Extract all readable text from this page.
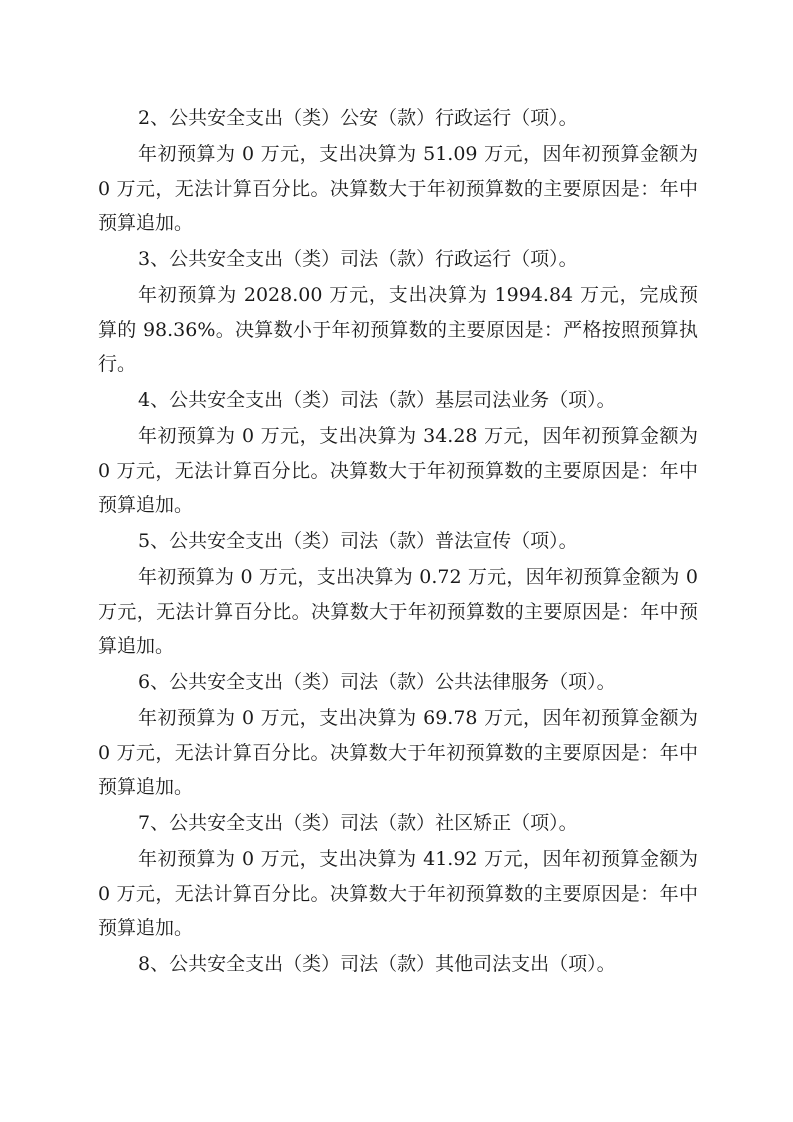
2、公共安全支出（类）公安（款）行政运行（项）。

年初预算为 0 万元，支出决算为 51.09 万元，因年初预算金额为 0 万元，无法计算百分比。决算数大于年初预算数的主要原因是：年中预算追加。

3、公共安全支出（类）司法（款）行政运行（项）。

年初预算为 2028.00 万元，支出决算为 1994.84 万元，完成预算的 98.36%。决算数小于年初预算数的主要原因是：严格按照预算执行。

4、公共安全支出（类）司法（款）基层司法业务（项）。

年初预算为 0 万元，支出决算为 34.28 万元，因年初预算金额为 0 万元，无法计算百分比。决算数大于年初预算数的主要原因是：年中预算追加。

5、公共安全支出（类）司法（款）普法宣传（项）。

年初预算为 0 万元，支出决算为 0.72 万元，因年初预算金额为 0 万元，无法计算百分比。决算数大于年初预算数的主要原因是：年中预算追加。

6、公共安全支出（类）司法（款）公共法律服务（项）。

年初预算为 0 万元，支出决算为 69.78 万元，因年初预算金额为 0 万元，无法计算百分比。决算数大于年初预算数的主要原因是：年中预算追加。

7、公共安全支出（类）司法（款）社区矫正（项）。

年初预算为 0 万元，支出决算为 41.92 万元，因年初预算金额为 0 万元，无法计算百分比。决算数大于年初预算数的主要原因是：年中预算追加。

8、公共安全支出（类）司法（款）其他司法支出（项）。
